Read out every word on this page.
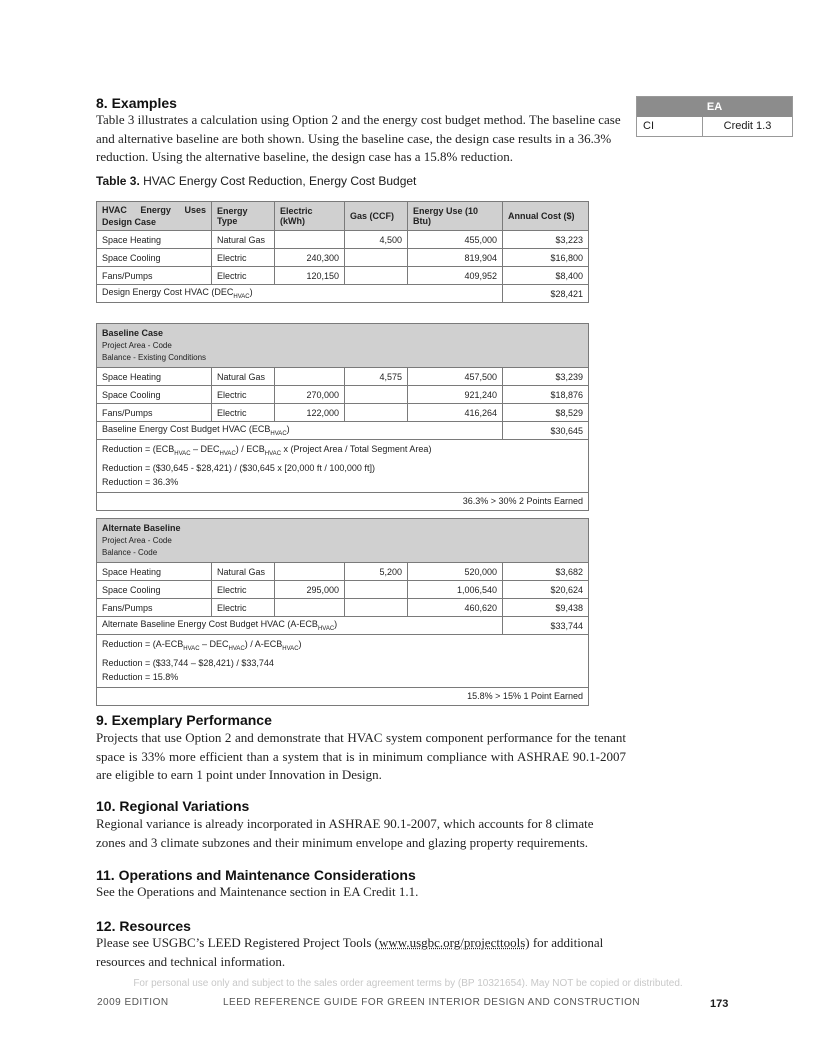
EA
CI	Credit 1.3
8. Examples

Table 3 illustrates a calculation using Option 2 and the energy cost budget method. The baseline case and alternative baseline are both shown. Using the baseline case, the design case results in a 36.3% reduction. Using the alternative baseline, the design case has a 15.8% reduction.

Table 3. HVAC Energy Cost Reduction, Energy Cost Budget
HVAC Energy Uses Design Case	Energy Type	Electric (kWh)	Gas (CCF)	Energy Use (10 Btu)	Annual Cost ($)
Space Heating	Natural Gas		4,500	455,000	$3,223
Space Cooling	Electric	240,300		819,904	$16,800
Fans/Pumps	Electric	120,150		409,952	$8,400
Design Energy Cost HVAC $(DEC_{HVAC})$					$28,421
Baseline Case
Project Area - Code
Balance - Existing Conditions					
Space Heating	Natural Gas		4,575	457,500	$3,239
Space Cooling	Electric	270,000		921,240	$18,876
Fans/Pumps	Electric	122,000		416,264	$8,529
Baseline Energy Cost Budget HVAC $(ECB_{HVAC})$					$30,645
Reduction = $(ECB_{HVAC} - DEC_{HVAC}) / ECB_{HVAC}$ x (Project Area / Total Segment Area)
Reduction = ($30,645 - $28,421) / ($30,645 x [20,000 ft / 100,000 ft])
Reduction = 36.3%					
36.3% > 30% 2 Points Earned					
Alternate Baseline
Project Area - Code
Balance - Code					
Space Heating	Natural Gas		5,200	520,000	$3,682
Space Cooling	Electric	295,000		1,006,540	$20,624
Fans/Pumps	Electric			460,620	$9,438
Alternate Baseline Energy Cost Budget HVAC $(A-ECB_{HVAC})$					$33,744
Reduction = $(A-ECB_{HVAC} - DEC_{HVAC}) / A-ECB_{HVAC}$)
Reduction = ($33,744 – $28,421) / $33,744
Reduction = 15.8%					
15.8% > 15% 1 Point Earned					
9. Exemplary Performance

Projects that use Option 2 and demonstrate that HVAC system component performance for the tenant space is 33% more efficient than a system that is in minimum compliance with ASHRAE 90.1-2007 are eligible to earn 1 point under Innovation in Design.

10. Regional Variations

Regional variance is already incorporated in ASHRAE 90.1-2007, which accounts for 8 climate zones and 3 climate subzones and their minimum envelope and glazing property requirements.

11. Operations and Maintenance Considerations

See the Operations and Maintenance section in EA Credit 1.1.

12. Resources

Please see USGBC’s LEED Registered Project Tools (www.usgbc.org/projecttools) for additional resources and technical information.

For personal use only and subject to the sales order agreement terms by (BP 10321654). May NOT be copied or distributed.
2009 EDITION	LEED REFERENCE GUIDE FOR GREEN INTERIOR DESIGN AND CONSTRUCTION	173
